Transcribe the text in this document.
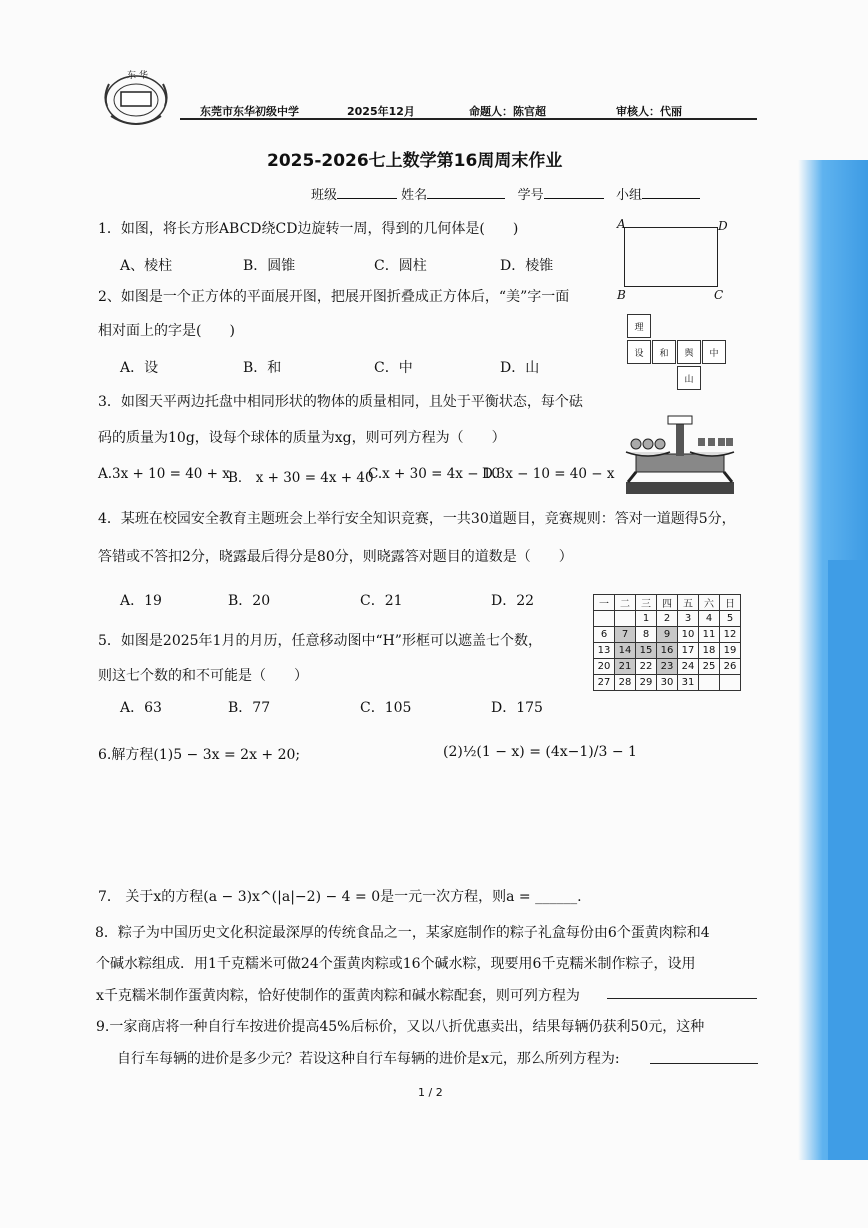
东 华
东莞市东华初级中学	2025年12月	命题人：陈官超	审核人：代丽
2025-2026七上数学第16周周末作业
班级	姓名	学号	小组
1．如图，将长方形ABCD绕CD边旋转一周，得到的几何体是(　　)
A、棱柱	B．圆锥	C．圆柱	D．棱锥
A	D
B	C
2、如图是一个正方体的平面展开图，把展开图折叠成正方体后，“美”字一面
相对面上的字是(　　)
A．设	B．和	C．中	D．山
理
设	和	舆	中
山
3．如图天平两边托盘中相同形状的物体的质量相同，且处于平衡状态，每个砝
码的质量为10g，设每个球体的质量为xg，则可列方程为（　　）
A.3x + 10 = 40 + x
B． x + 30 = 4x + 40
C.x + 30 = 4x − 10
D.3x − 10 = 40 − x
4．某班在校园安全教育主题班会上举行安全知识竞赛，一共30道题目，竞赛规则：答对一道题得5分，
答错或不答扣2分，晓露最后得分是80分，则晓露答对题目的道数是（　　）
A．19	B．20	C．21	D．22
5．如图是2025年1月的月历，任意移动图中“H”形框可以遮盖七个数，
则这七个数的和不可能是（　　）
A．63	B．77	C．105	D．175
一	二	三	四	五	六	日
		1	2	3	4	5
6	7	8	9	10	11	12
13	14	15	16	17	18	19
20	21	22	23	24	25	26
27	28	29	30	31		
6.解方程(1)5 − 3x = 2x + 20;	(2)½(1 − x) = (4x−1)/3 − 1
7． 关于x的方程(a − 3)x^(|a|−2) − 4 = 0是一元一次方程，则a = ______.
8．粽子为中国历史文化积淀最深厚的传统食品之一，某家庭制作的粽子礼盒每份由6个蛋黄肉粽和4
个碱水粽组成．用1千克糯米可做24个蛋黄肉粽或16个碱水粽，现要用6千克糯米制作粽子，设用
x千克糯米制作蛋黄肉粽，恰好使制作的蛋黄肉粽和碱水粽配套，则可列方程为
9.一家商店将一种自行车按进价提高45%后标价，又以八折优惠卖出，结果每辆仍获利50元，这种
自行车每辆的进价是多少元？若设这种自行车每辆的进价是x元，那么所列方程为:
1 / 2
